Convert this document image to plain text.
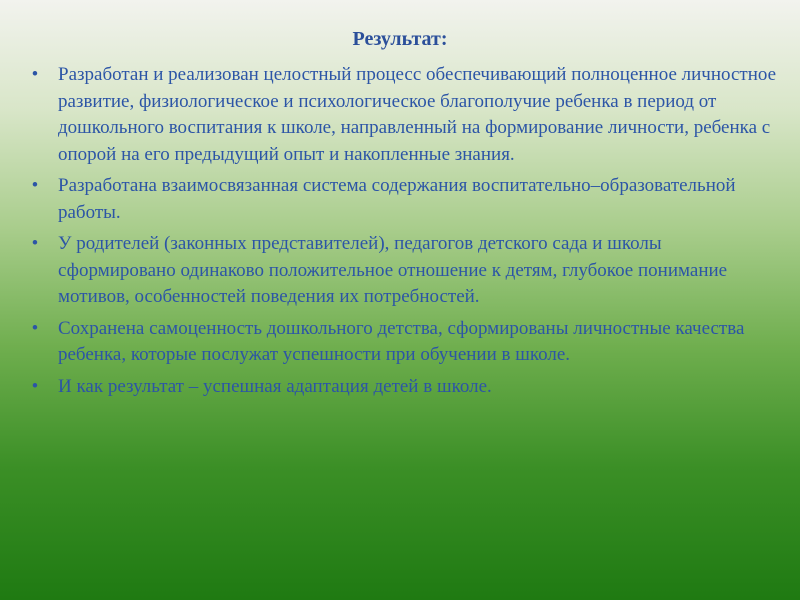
Результат:
• Разработан и реализован целостный процесс обеспечивающий полноценное личностное развитие, физиологическое и психологическое благополучие ребенка в период от дошкольного воспитания к школе, направленный на формирование личности, ребенка с опорой на его предыдущий опыт и накопленные знания.
• Разработана взаимосвязанная система содержания воспитательно–образовательной работы.
• У родителей (законных представителей), педагогов детского сада и школы сформировано одинаково положительное отношение к детям, глубокое понимание мотивов, особенностей поведения их потребностей.
• Сохранена самоценность дошкольного детства, сформированы личностные качества ребенка, которые послужат успешности при обучении в школе.
• И как результат – успешная адаптация детей в школе.
